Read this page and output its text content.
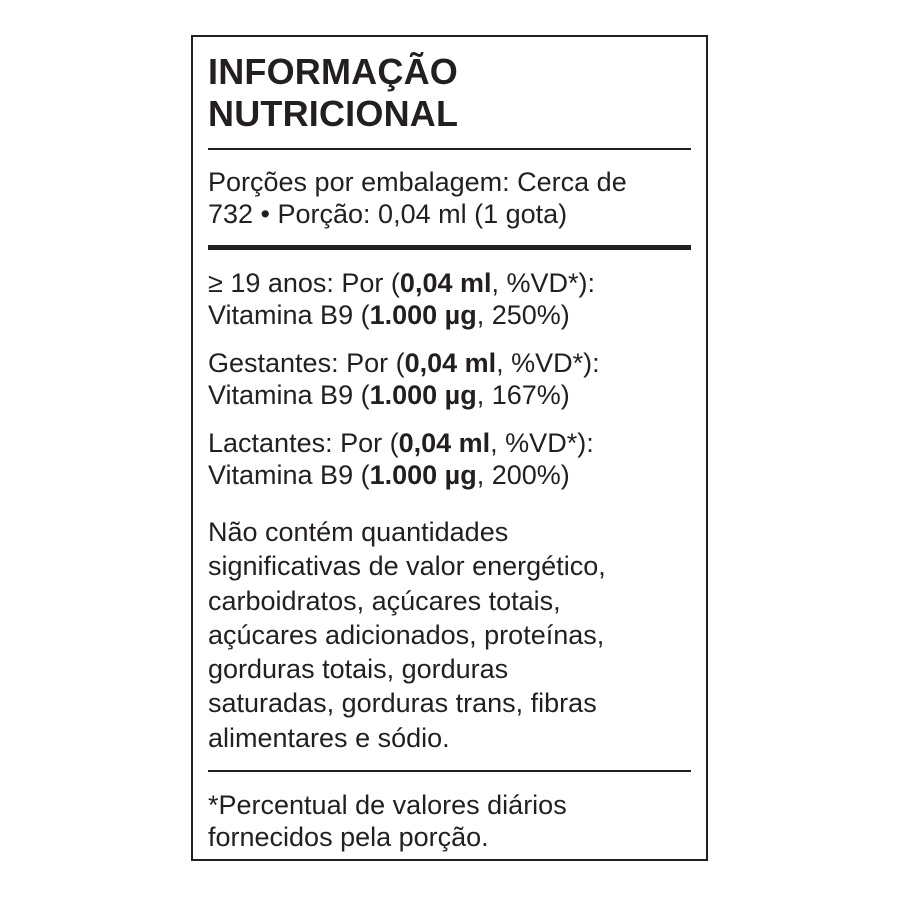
INFORMAÇÃO
NUTRICIONAL
Porções por embalagem: Cerca de
732 • Porção: 0,04 ml (1 gota)
≥ 19 anos: Por (0,04 ml, %VD*):
Vitamina B9 (1.000 µg, 250%)
Gestantes: Por (0,04 ml, %VD*):
Vitamina B9 (1.000 µg, 167%)
Lactantes: Por (0,04 ml, %VD*):
Vitamina B9 (1.000 µg, 200%)
Não contém quantidades
significativas de valor energético,
carboidratos, açúcares totais,
açúcares adicionados, proteínas,
gorduras totais, gorduras
saturadas, gorduras trans, fibras
alimentares e sódio.
*Percentual de valores diários
fornecidos pela porção.
